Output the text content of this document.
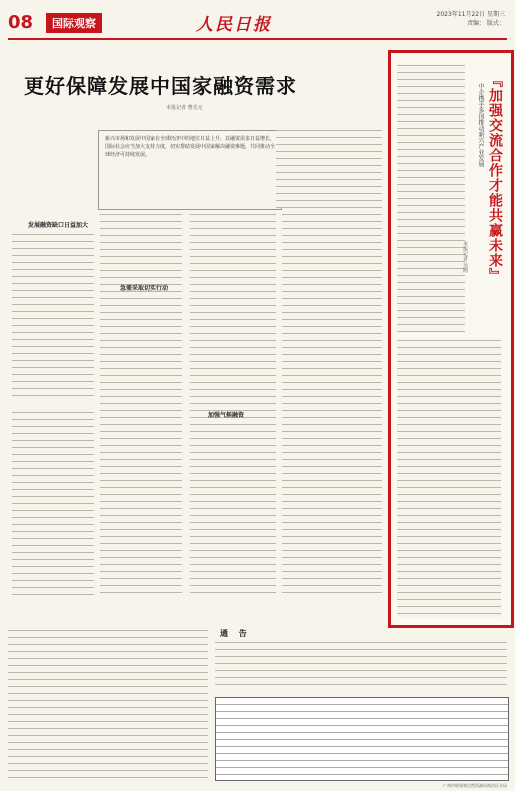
08	国际观察	人民日报
2023年11月22日 星期三
责编： 版式：
更好保障发展中国家融资需求
本报记者 曹竞元
新兴市场和发展中国家在全球经济中的地位日益上升，其融资需求日益增长，国际社会应当加大支持力度，切实帮助发展中国家解决融资难题，共同推动全球经济可持续发展。
发展融资缺口日益加大
急需采取切实行动
加强气候融资
中企携手多国推动新兴产业发展 『加强交流合作才能共赢未来』
本报记者 吴刚
通 告
广州市规划和自然资源局南沙区分局
